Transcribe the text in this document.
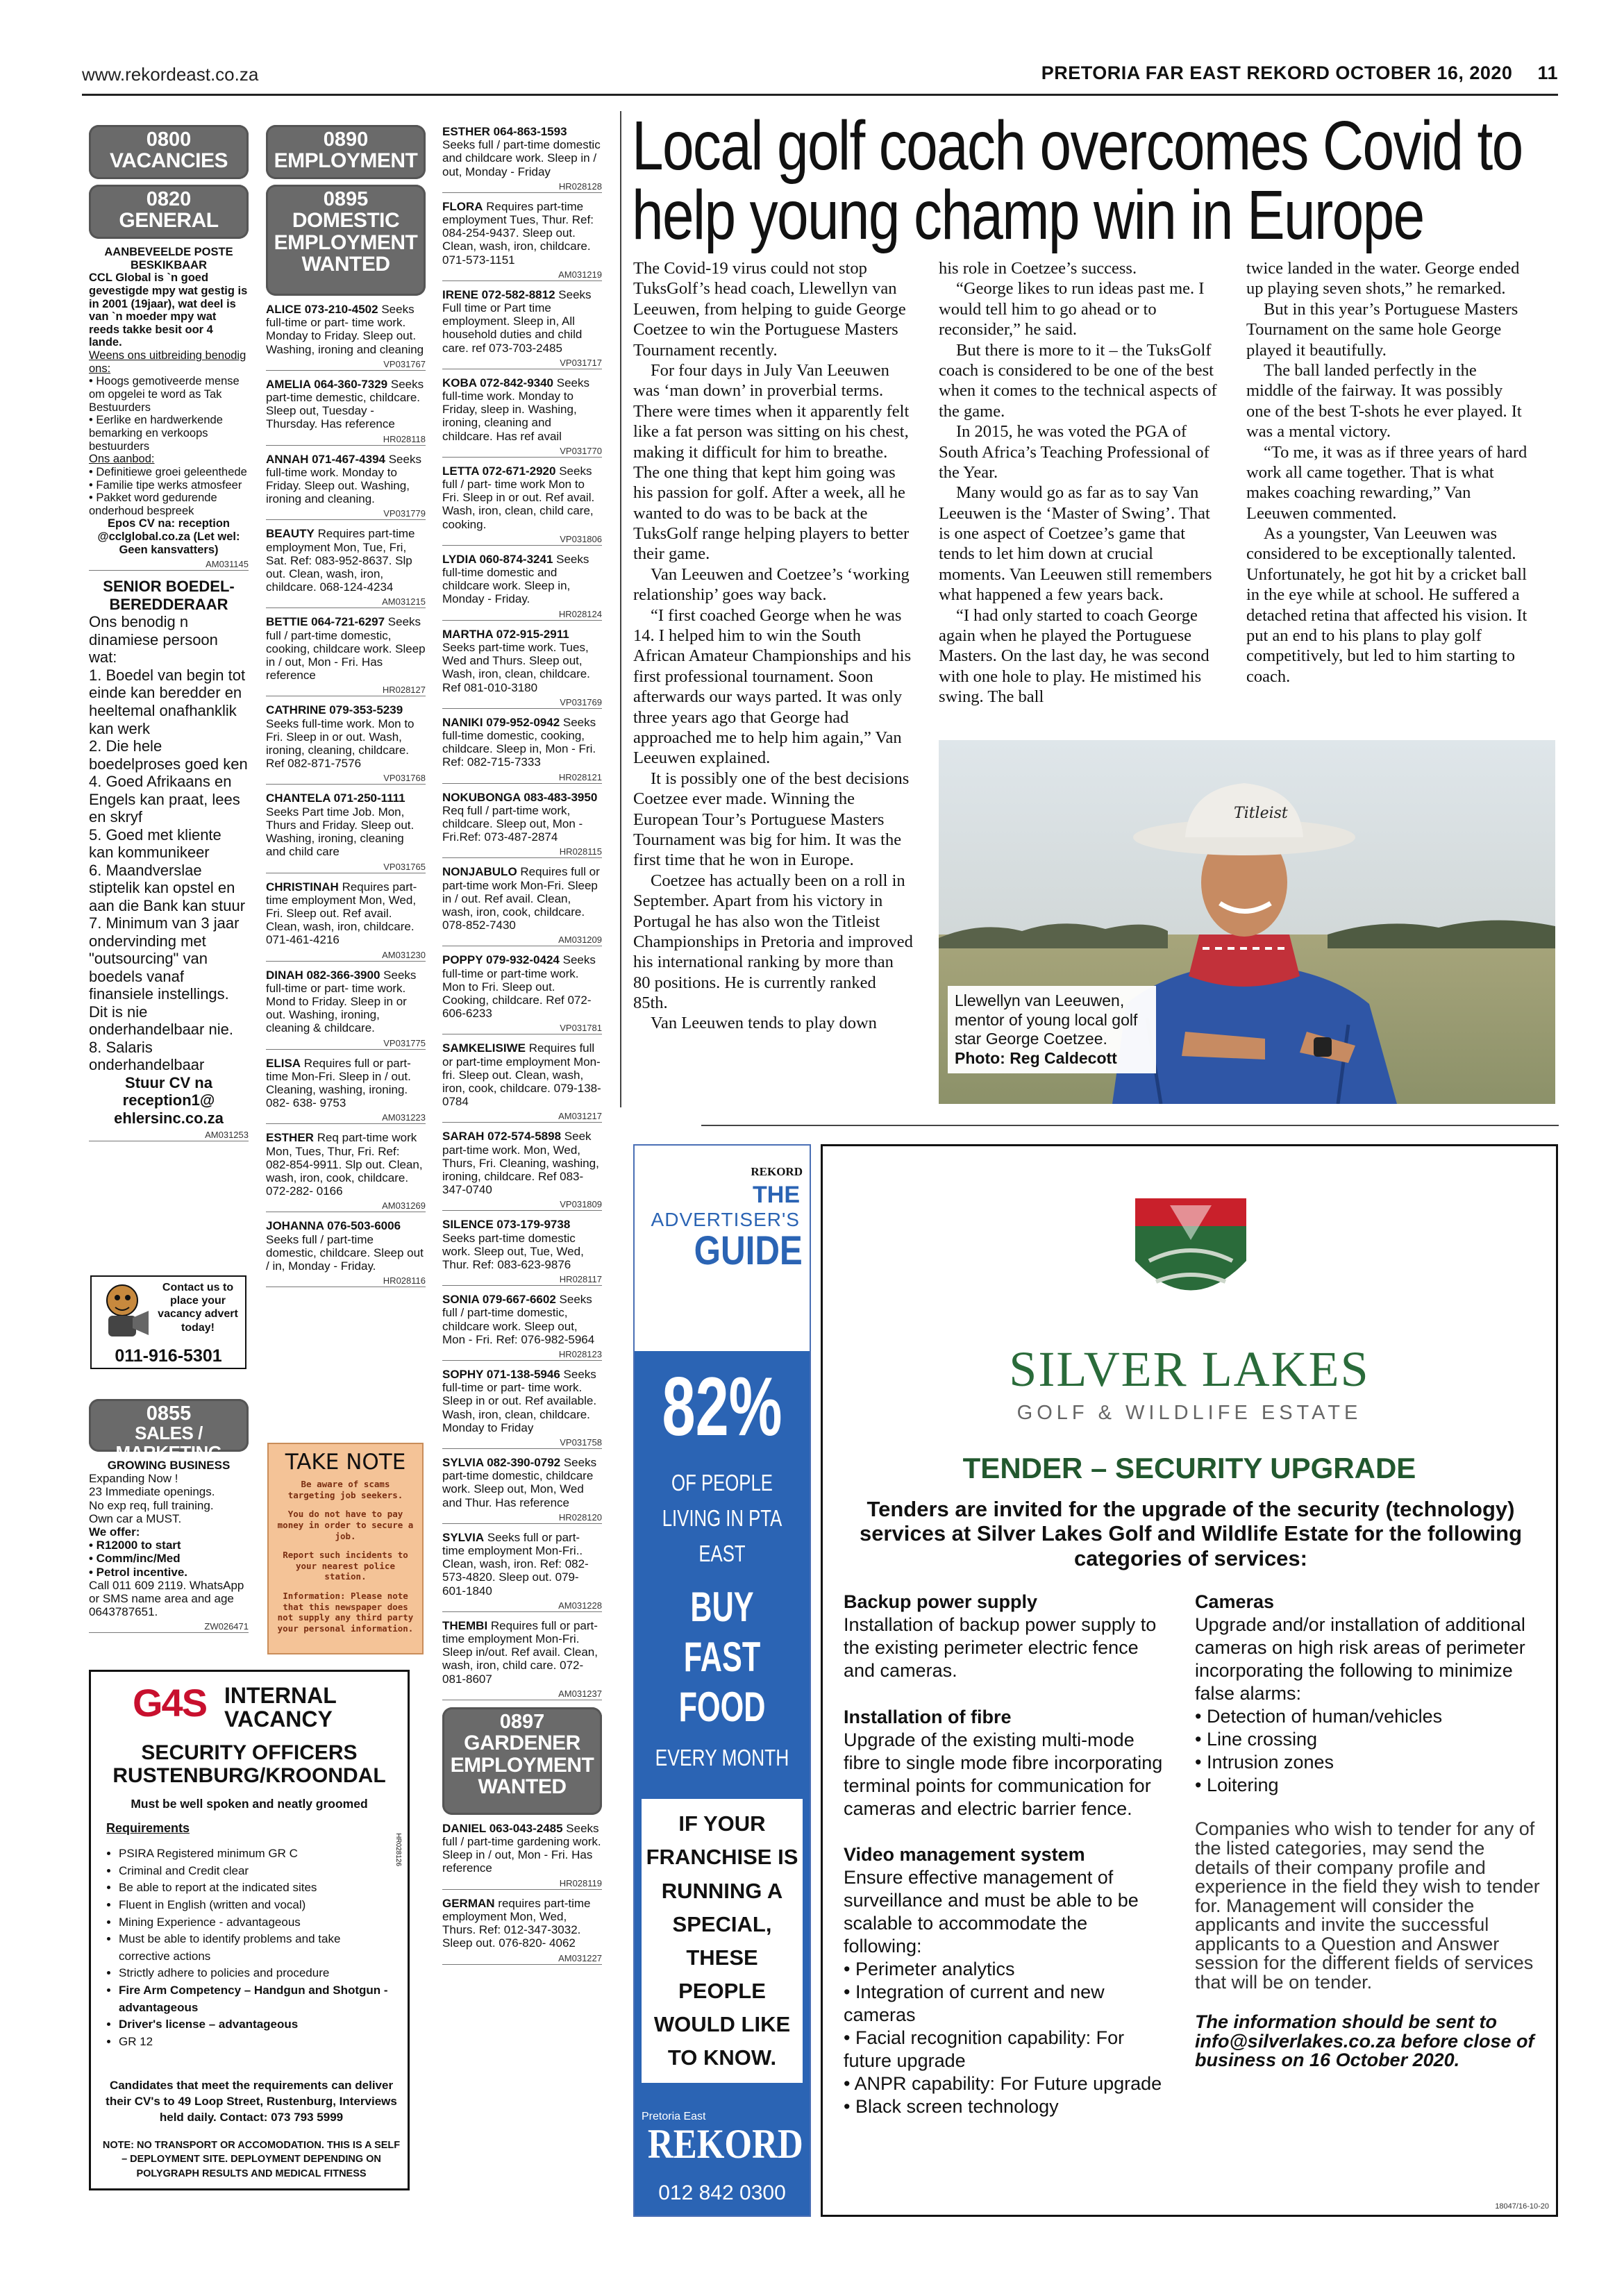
www.rekordeast.co.za	PRETORIA FAR EAST REKORD OCTOBER 16, 2020 11
0800
VACANCIES
0820
GENERAL
AANBEVEELDE POSTE BESKIKBAAR
CCL Global is `n goed gevestigde mpy wat gestig is in 2001 (19jaar), wat deel is van `n moeder mpy wat reeds takke besit oor 4 lande.
Weens ons uitbreiding benodig ons:
• Hoogs gemotiveerde mense om opgelei te word as Tak Bestuurders
• Eerlike en hardwerkende bemarking en verkoops bestuurders
Ons aanbod:
• Definitiewe groei geleenthede
• Familie tipe werks atmosfeer
• Pakket word gedurende onderhoud bespreek
Epos CV na: reception @cclglobal.co.za (Let wel: Geen kansvatters)
AM031145
SENIOR BOEDEL-BEREDDERAAR
Ons benodig n dinamiese persoon wat:
1. Boedel van begin tot einde kan beredder en heeltemal onafhanklik kan werk
2. Die hele boedelproses goed ken
4. Goed Afrikaans en Engels kan praat, lees en skryf
5. Goed met kliente kan kommunikeer
6. Maandverslae stiptelik kan opstel en aan die Bank kan stuur
7. Minimum van 3 jaar ondervinding met "outsourcing" van boedels vanaf finansiele instellings. Dit is nie onderhandelbaar nie.
8. Salaris onderhandelbaar
Stuur CV na reception1@ ehlersinc.co.za
AM031253
Contact us to place your vacancy advert today!
011-916-5301
0855
SALES / MARKETING
GROWING BUSINESS
Expanding Now !
23 Immediate openings.
No exp req, full training.
Own car a MUST.
We offer:
• R12000 to start
• Comm/inc/Med
• Petrol incentive.
Call 011 609 2119. WhatsApp or SMS name area and age 0643787651.
ZW026471
0890
EMPLOYMENT
0895
DOMESTIC EMPLOYMENT WANTED
ALICE 073-210-4502 Seeks full-time or part- time work. Monday to Friday. Sleep out. Washing, ironing and cleaning
VP031767
AMELIA 064-360-7329 Seeks part-time demestic, childcare. Sleep out, Tuesday - Thursday. Has reference
HR028118
ANNAH 071-467-4394 Seeks full-time work. Monday to Friday. Sleep out. Washing, ironing and cleaning.
VP031779
BEAUTY Requires part-time employment Mon, Tue, Fri, Sat. Ref: 083-952-8637. Slp out. Clean, wash, iron, childcare. 068-124-4234
AM031215
BETTIE 064-721-6297 Seeks full / part-time domestic, cooking, childcare work. Sleep in / out, Mon - Fri. Has reference
HR028127
CATHRINE 079-353-5239 Seeks full-time work. Mon to Fri. Sleep in or out. Wash, ironing, cleaning, childcare. Ref 082-871-7576
VP031768
CHANTELA 071-250-1111 Seeks Part time Job. Mon, Thurs and Friday. Sleep out. Washing, ironing, cleaning and child care
VP031765
CHRISTINAH Requires part-time employment Mon, Wed, Fri. Sleep out. Ref avail. Clean, wash, iron, childcare. 071-461-4216
AM031230
DINAH 082-366-3900 Seeks full-time or part- time work. Mond to Friday. Sleep in or out. Washing, ironing, cleaning & childcare.
VP031775
ELISA Requires full or part-time Mon-Fri. Sleep in / out. Cleaning, washing, ironing. 082- 638- 9753
AM031223
ESTHER Req part-time work Mon, Tues, Thur, Fri. Ref: 082-854-9911. Slp out. Clean, wash, iron, cook, childcare. 072-282- 0166
AM031269
JOHANNA 076-503-6006 Seeks full / part-time domestic, childcare. Sleep out / in, Monday - Friday.
HR028116
TAKE NOTE
Be aware of scams targeting job seekers.
You do not have to pay money in order to secure a job.
Report such incidents to your nearest police station.
Information: Please note that this newspaper does not supply any third party your personal information.
ESTHER 064-863-1593 Seeks full / part-time domestic and childcare work. Sleep in / out, Monday - Friday
HR028128
FLORA Requires part-time employment Tues, Thur. Ref: 084-254-9437. Sleep out. Clean, wash, iron, childcare. 071-573-1151
AM031219
IRENE 072-582-8812 Seeks Full time or Part time employment. Sleep in, All household duties and child care. ref 073-703-2485
VP031717
KOBA 072-842-9340 Seeks full-time work. Monday to Friday, sleep in. Washing, ironing, cleaning and childcare. Has ref avail
VP031770
LETTA 072-671-2920 Seeks full / part- time work Mon to Fri. Sleep in or out. Ref avail. Wash, iron, clean, child care, cooking.
VP031806
LYDIA 060-874-3241 Seeks full-time domestic and childcare work. Sleep in, Monday - Friday.
HR028124
MARTHA 072-915-2911 Seeks part-time work. Tues, Wed and Thurs. Sleep out, Wash, iron, clean, childcare. Ref 081-010-3180
VP031769
NANIKI 079-952-0942 Seeks full-time domestic, cooking, childcare. Sleep in, Mon - Fri. Ref: 082-715-7333
HR028121
NOKUBONGA 083-483-3950 Req full / part-time work, childcare. Sleep out, Mon - Fri.Ref: 073-487-2874
HR028115
NONJABULO Requires full or part-time work Mon-Fri. Sleep in / out. Ref avail. Clean, wash, iron, cook, childcare. 078-852-7430
AM031209
POPPY 079-932-0424 Seeks full-time or part-time work. Mon to Fri. Sleep out. Cooking, childcare. Ref 072-606-6233
VP031781
SAMKELISIWE Requires full or part-time employment Mon-fri. Sleep out. Clean, wash, iron, cook, childcare. 079-138-0784
AM031217
SARAH 072-574-5898 Seek part-time work. Mon, Wed, Thurs, Fri. Cleaning, washing, ironing, childcare. Ref 083-347-0740
VP031809
SILENCE 073-179-9738 Seeks part-time domestic work. Sleep out, Tue, Wed, Thur. Ref: 083-623-9876
HR028117
SONIA 079-667-6602 Seeks full / part-time domestic, childcare work. Sleep out, Mon - Fri. Ref: 076-982-5964
HR028123
SOPHY 071-138-5946 Seeks full-time or part- time work. Sleep in or out. Ref available. Wash, iron, clean, childcare. Monday to Friday
VP031758
SYLVIA 082-390-0792 Seeks part-time domestic, childcare work. Sleep out, Mon, Wed and Thur. Has reference
HR028120
SYLVIA Seeks full or part-time employment Mon-Fri.. Clean, wash, iron. Ref: 082-573-4820. Sleep out. 079-601-1840
AM031228
THEMBI Requires full or part-time employment Mon-Fri. Sleep in/out. Ref avail. Clean, wash, iron, child care. 072-081-8607
AM031237
0897
GARDENER EMPLOYMENT WANTED
DANIEL 063-043-2485 Seeks full / part-time gardening work. Sleep in / out, Mon - Fri. Has reference
HR028119
GERMAN requires part-time employment Mon, Wed, Thurs. Ref: 012-347-3032. Sleep out. 076-820- 4062
AM031227
G4S INTERNAL VACANCY
SECURITY OFFICERS RUSTENBURG/KROONDAL
Must be well spoken and neatly groomed
Requirements
• PSIRA Registered minimum GR C
• Criminal and Credit clear
• Be able to report at the indicated sites
• Fluent in English (written and vocal)
• Mining Experience - advantageous
• Must be able to identify problems and take corrective actions
• Strictly adhere to policies and procedure
• Fire Arm Competency – Handgun and Shotgun - advantageous
• Driver's license – advantageous
• GR 12
HR028126
Candidates that meet the requirements can deliver their CV's to 49 Loop Street, Rustenburg, Interviews held daily. Contact: 073 793 5999
NOTE: NO TRANSPORT OR ACCOMODATION. THIS IS A SELF – DEPLOYMENT SITE. DEPLOYMENT DEPENDING ON POLYGRAPH RESULTS AND MEDICAL FITNESS
Local golf coach overcomes Covid to help young champ win in Europe

The Covid-19 virus could not stop TuksGolf’s head coach, Llewellyn van Leeuwen, from helping to guide George Coetzee to win the Portuguese Masters Tournament recently.

For four days in July Van Leeuwen was ‘man down’ in proverbial terms. There were times when it apparently felt like a fat person was sitting on his chest, making it difficult for him to breathe. The one thing that kept him going was his passion for golf. After a week, all he wanted to do was to be back at the TuksGolf range helping players to better their game.

Van Leeuwen and Coetzee’s ‘working relationship’ goes way back.

“I first coached George when he was 14. I helped him to win the South African Amateur Championships and his first professional tournament. Soon afterwards our ways parted. It was only three years ago that George had approached me to help him again,” Van Leeuwen explained.

It is possibly one of the best decisions Coetzee ever made. Winning the European Tour’s Portuguese Masters Tournament was big for him. It was the first time that he won in Europe.

Coetzee has actually been on a roll in September. Apart from his victory in Portugal he has also won the Titleist Championships in Pretoria and improved his international ranking by more than 80 positions. He is currently ranked 85th.

Van Leeuwen tends to play down

his role in Coetzee’s success.

“George likes to run ideas past me. I would tell him to go ahead or to reconsider,” he said.

But there is more to it – the TuksGolf coach is considered to be one of the best when it comes to the technical aspects of the game.

In 2015, he was voted the PGA of South Africa’s Teaching Professional of the Year.

Many would go as far as to say Van Leeuwen is the ‘Master of Swing’. That is one aspect of Coetzee’s game that tends to let him down at crucial moments. Van Leeuwen still remembers what happened a few years back.

“I had only started to coach George again when he played the Portuguese Masters. On the last day, he was second with one hole to play. He mistimed his swing. The ball

twice landed in the water. George ended up playing seven shots,” he remarked.

But in this year’s Portuguese Masters Tournament on the same hole George played it beautifully.

The ball landed perfectly in the middle of the fairway. It was possibly one of the best T-shots he ever played. It was a mental victory.

“To me, it was as if three years of hard work all came together. That is what makes coaching rewarding,” Van Leeuwen commented.

As a youngster, Van Leeuwen was considered to be exceptionally talented. Unfortunately, he got hit by a cricket ball in the eye while at school. He suffered a detached retina that affected his vision. It put an end to his plans to play golf competitively, but led to him starting to coach.

Titleist
Llewellyn van Leeuwen, mentor of young local golf star George Coetzee.
Photo: Reg Caldecott
REKORD
THE
ADVERTISER'S
GUIDE
82%
OF PEOPLE LIVING IN PTA EAST
BUY FAST FOOD
EVERY MONTH
IF YOUR FRANCHISE IS RUNNING A SPECIAL, THESE PEOPLE WOULD LIKE TO KNOW.
Pretoria East
REKORD
012 842 0300
Distributing 78 780 community papers every week
SILVER LAKES
GOLF & WILDLIFE ESTATE
TENDER – SECURITY UPGRADE
Tenders are invited for the upgrade of the security (technology) services at Silver Lakes Golf and Wildlife Estate for the following categories of services:
Backup power supply
Installation of backup power supply to the existing perimeter electric fence and cameras.
Installation of fibre
Upgrade of the existing multi-mode fibre to single mode fibre incorporating terminal points for communication for cameras and electric barrier fence.
Video management system
Ensure effective management of surveillance and must be able to be scalable to accommodate the following:
• Perimeter analytics
• Integration of current and new cameras
• Facial recognition capability: For future upgrade
• ANPR capability: For Future upgrade
• Black screen technology
Cameras
Upgrade and/or installation of additional cameras on high risk areas of perimeter incorporating the following to minimize false alarms:
• Detection of human/vehicles
• Line crossing
• Intrusion zones
• Loitering
Companies who wish to tender for any of the listed categories, may send the details of their company profile and experience in the field they wish to tender for. Management will consider the applicants and invite the successful applicants to a Question and Answer session for the different fields of services that will be on tender.
The information should be sent to info@silverlakes.co.za before close of business on 16 October 2020.
18047/16-10-20
